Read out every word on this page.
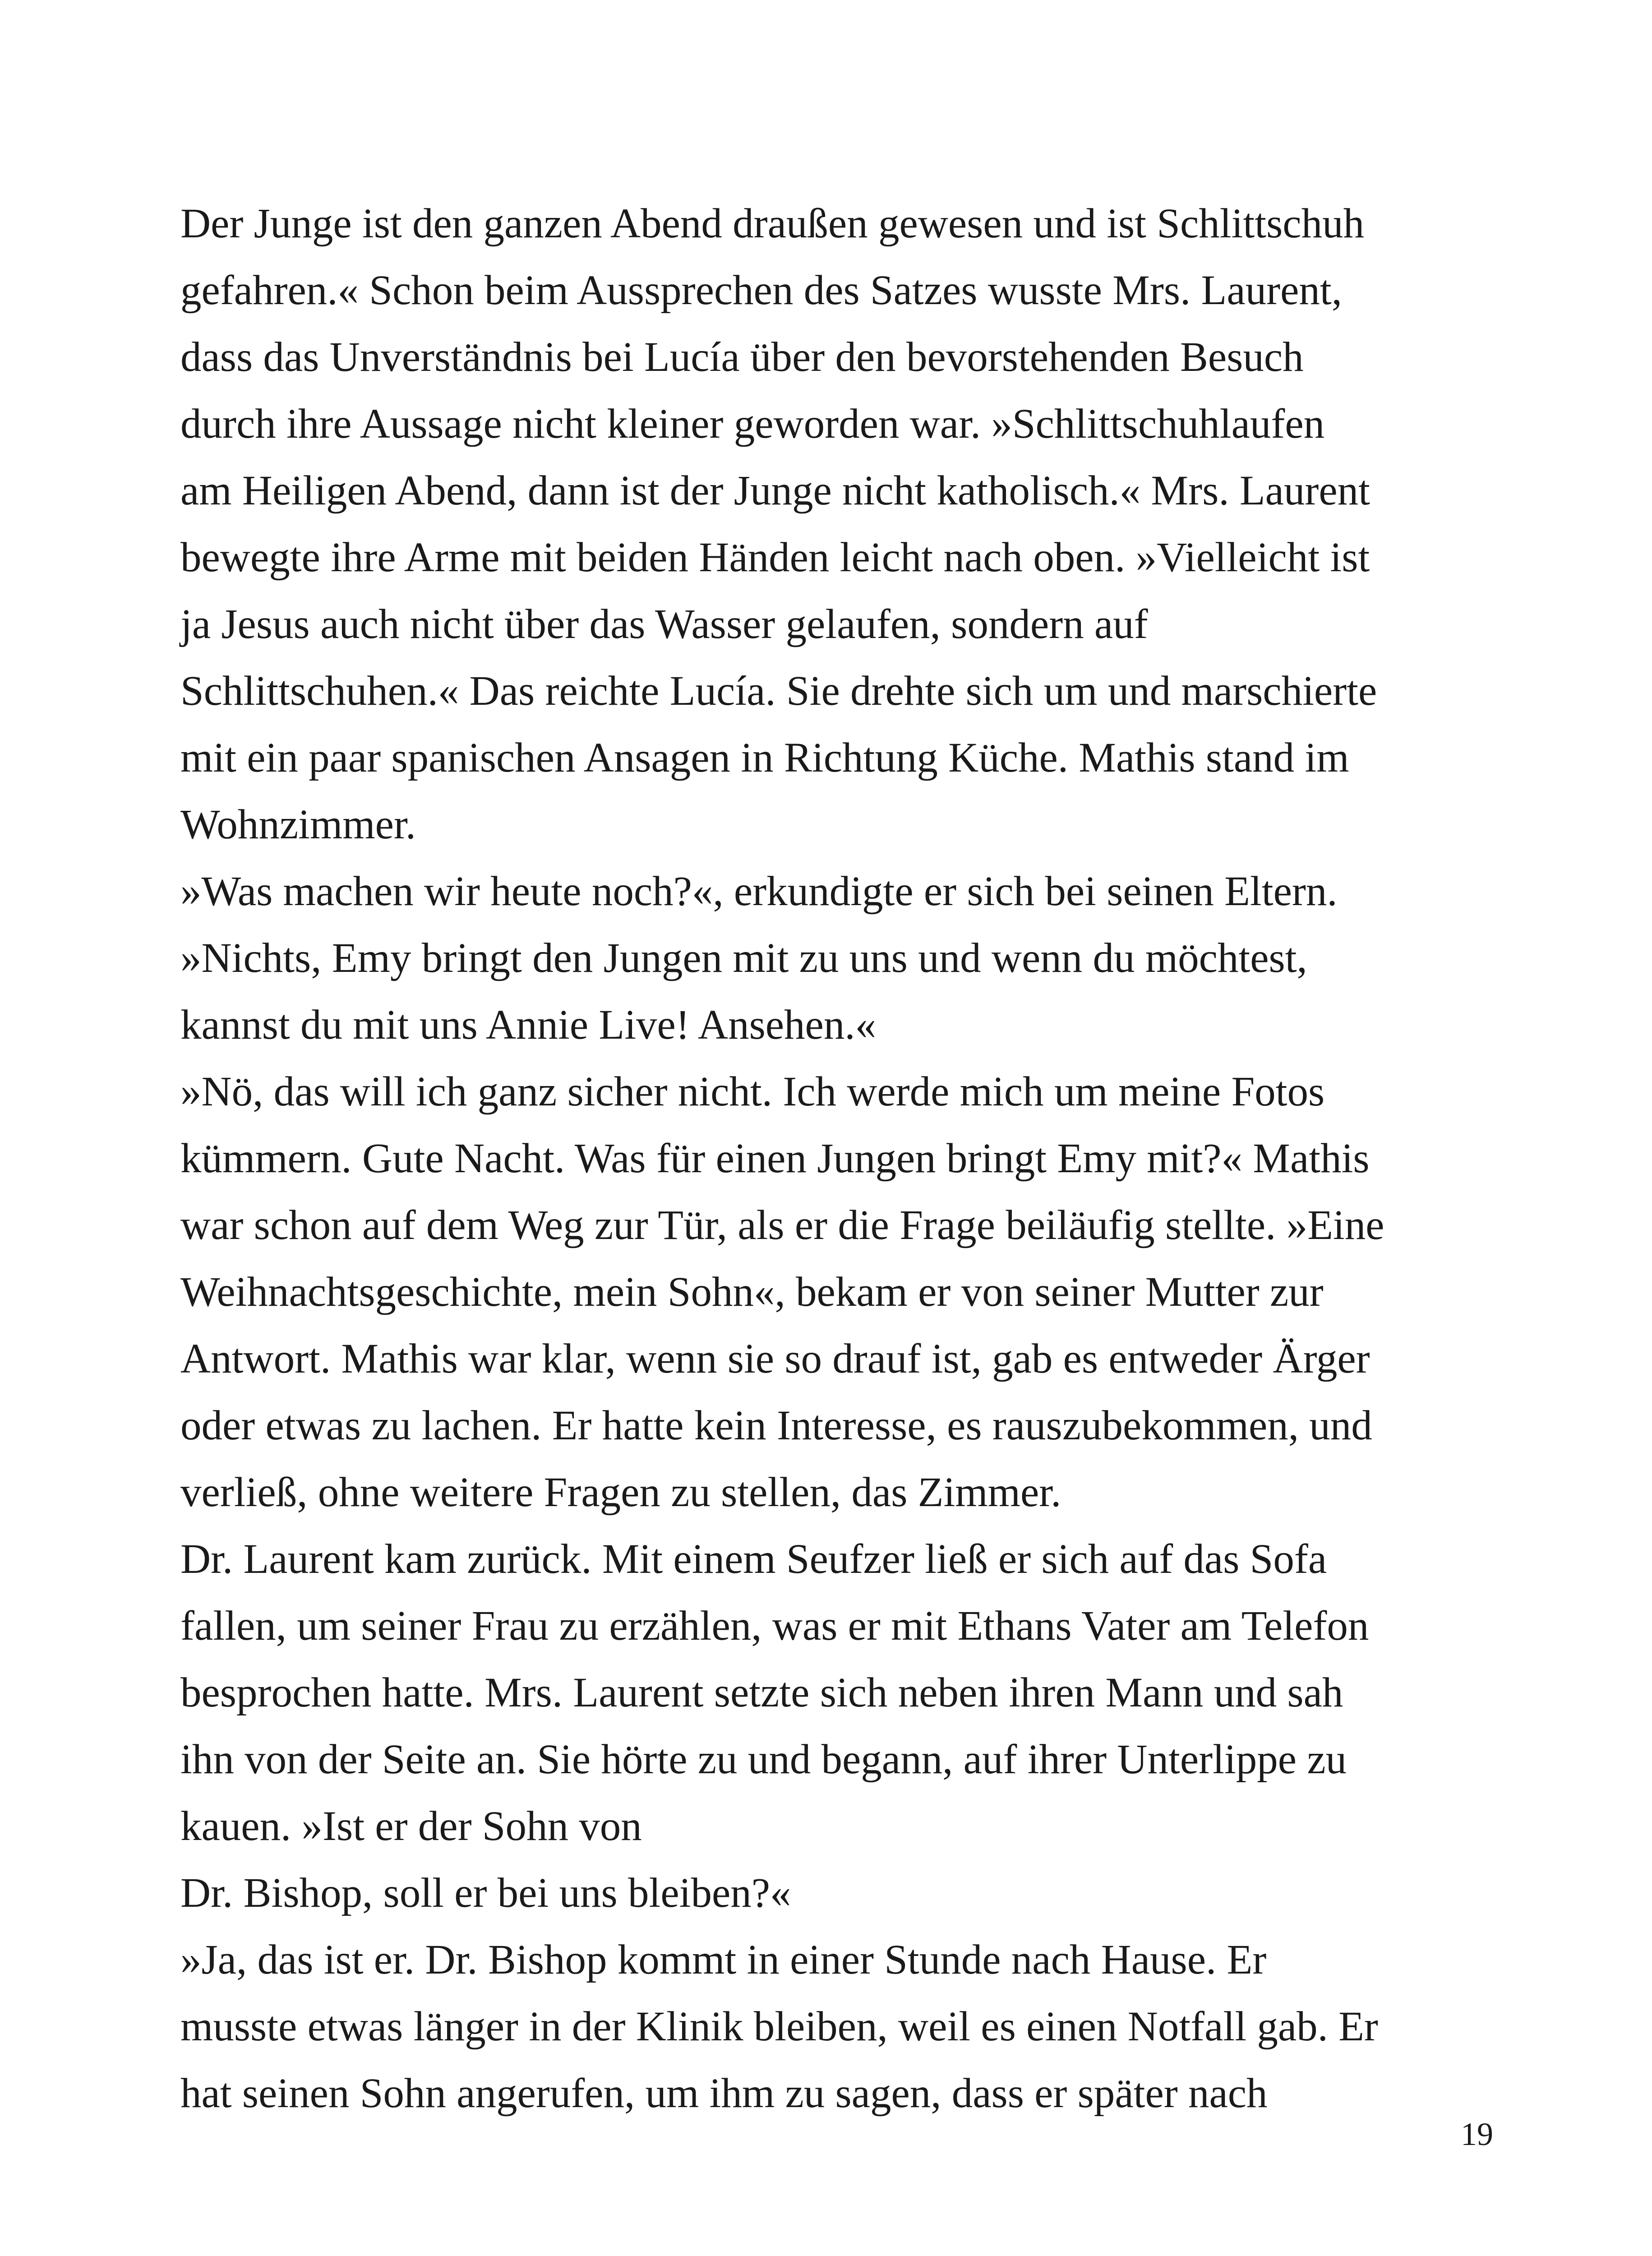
Der Junge ist den ganzen Abend draußen gewesen und ist Schlittschuh
gefahren.« Schon beim Aussprechen des Satzes wusste Mrs. Laurent,
dass das Unverständnis bei Lucía über den bevorstehenden Besuch
durch ihre Aussage nicht kleiner geworden war. »Schlittschuhlaufen
am Heiligen Abend, dann ist der Junge nicht katholisch.« Mrs. Laurent
bewegte ihre Arme mit beiden Händen leicht nach oben. »Vielleicht ist
ja Jesus auch nicht über das Wasser gelaufen, sondern auf
Schlittschuhen.« Das reichte Lucía. Sie drehte sich um und marschierte
mit ein paar spanischen Ansagen in Richtung Küche. Mathis stand im
Wohnzimmer.
»Was machen wir heute noch?«, erkundigte er sich bei seinen Eltern.
»Nichts, Emy bringt den Jungen mit zu uns und wenn du möchtest,
kannst du mit uns Annie Live! Ansehen.«
»Nö, das will ich ganz sicher nicht. Ich werde mich um meine Fotos
kümmern. Gute Nacht. Was für einen Jungen bringt Emy mit?« Mathis
war schon auf dem Weg zur Tür, als er die Frage beiläufig stellte. »Eine
Weihnachtsgeschichte, mein Sohn«, bekam er von seiner Mutter zur
Antwort. Mathis war klar, wenn sie so drauf ist, gab es entweder Ärger
oder etwas zu lachen. Er hatte kein Interesse, es rauszubekommen, und
verließ, ohne weitere Fragen zu stellen, das Zimmer.
Dr. Laurent kam zurück. Mit einem Seufzer ließ er sich auf das Sofa
fallen, um seiner Frau zu erzählen, was er mit Ethans Vater am Telefon
besprochen hatte. Mrs. Laurent setzte sich neben ihren Mann und sah
ihn von der Seite an. Sie hörte zu und begann, auf ihrer Unterlippe zu
kauen. »Ist er der Sohn von
Dr. Bishop, soll er bei uns bleiben?«
»Ja, das ist er. Dr. Bishop kommt in einer Stunde nach Hause. Er
musste etwas länger in der Klinik bleiben, weil es einen Notfall gab. Er
hat seinen Sohn angerufen, um ihm zu sagen, dass er später nach
19
